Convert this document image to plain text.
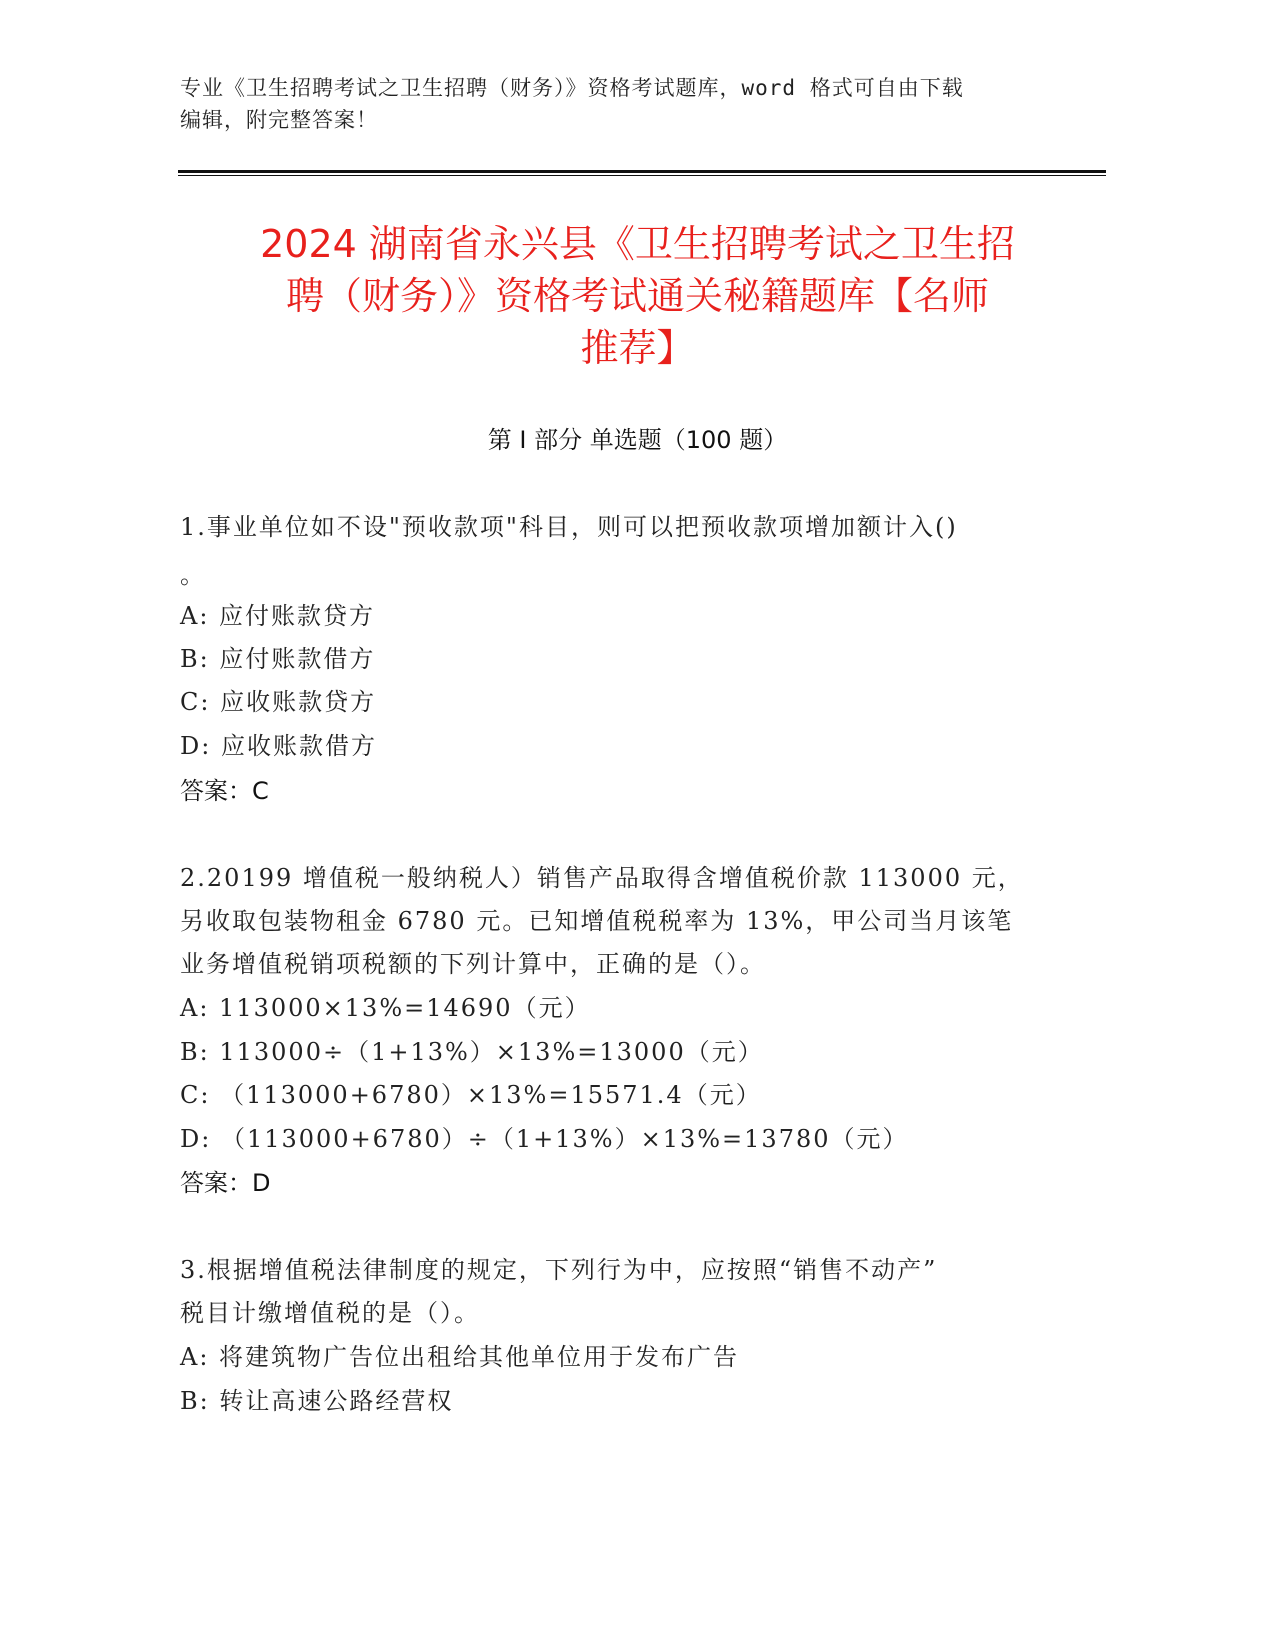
专业《卫生招聘考试之卫生招聘（财务）》资格考试题库，word 格式可自由下载
编辑，附完整答案！
2024 湖南省永兴县《卫生招聘考试之卫生招
聘（财务）》资格考试通关秘籍题库【名师
推荐】
第 I 部分 单选题（100 题）
1.事业单位如不设"预收款项"科目，则可以把预收款项增加额计入()
。
A: 应付账款贷方
B: 应付账款借方
C: 应收账款贷方
D: 应收账款借方
答案：C
2.20199 增值税一般纳税人）销售产品取得含增值税价款 113000 元，
另收取包装物租金 6780 元。已知增值税税率为 13%，甲公司当月该笔
业务增值税销项税额的下列计算中，正确的是（）。
A: 113000×13%=14690（元）
B: 113000÷（1+13%）×13%=13000（元）
C: （113000+6780）×13%=15571.4（元）
D: （113000+6780）÷（1+13%）×13%=13780（元）
答案：D
3.根据增值税法律制度的规定，下列行为中，应按照“销售不动产”
税目计缴增值税的是（）。
A: 将建筑物广告位出租给其他单位用于发布广告
B: 转让高速公路经营权
